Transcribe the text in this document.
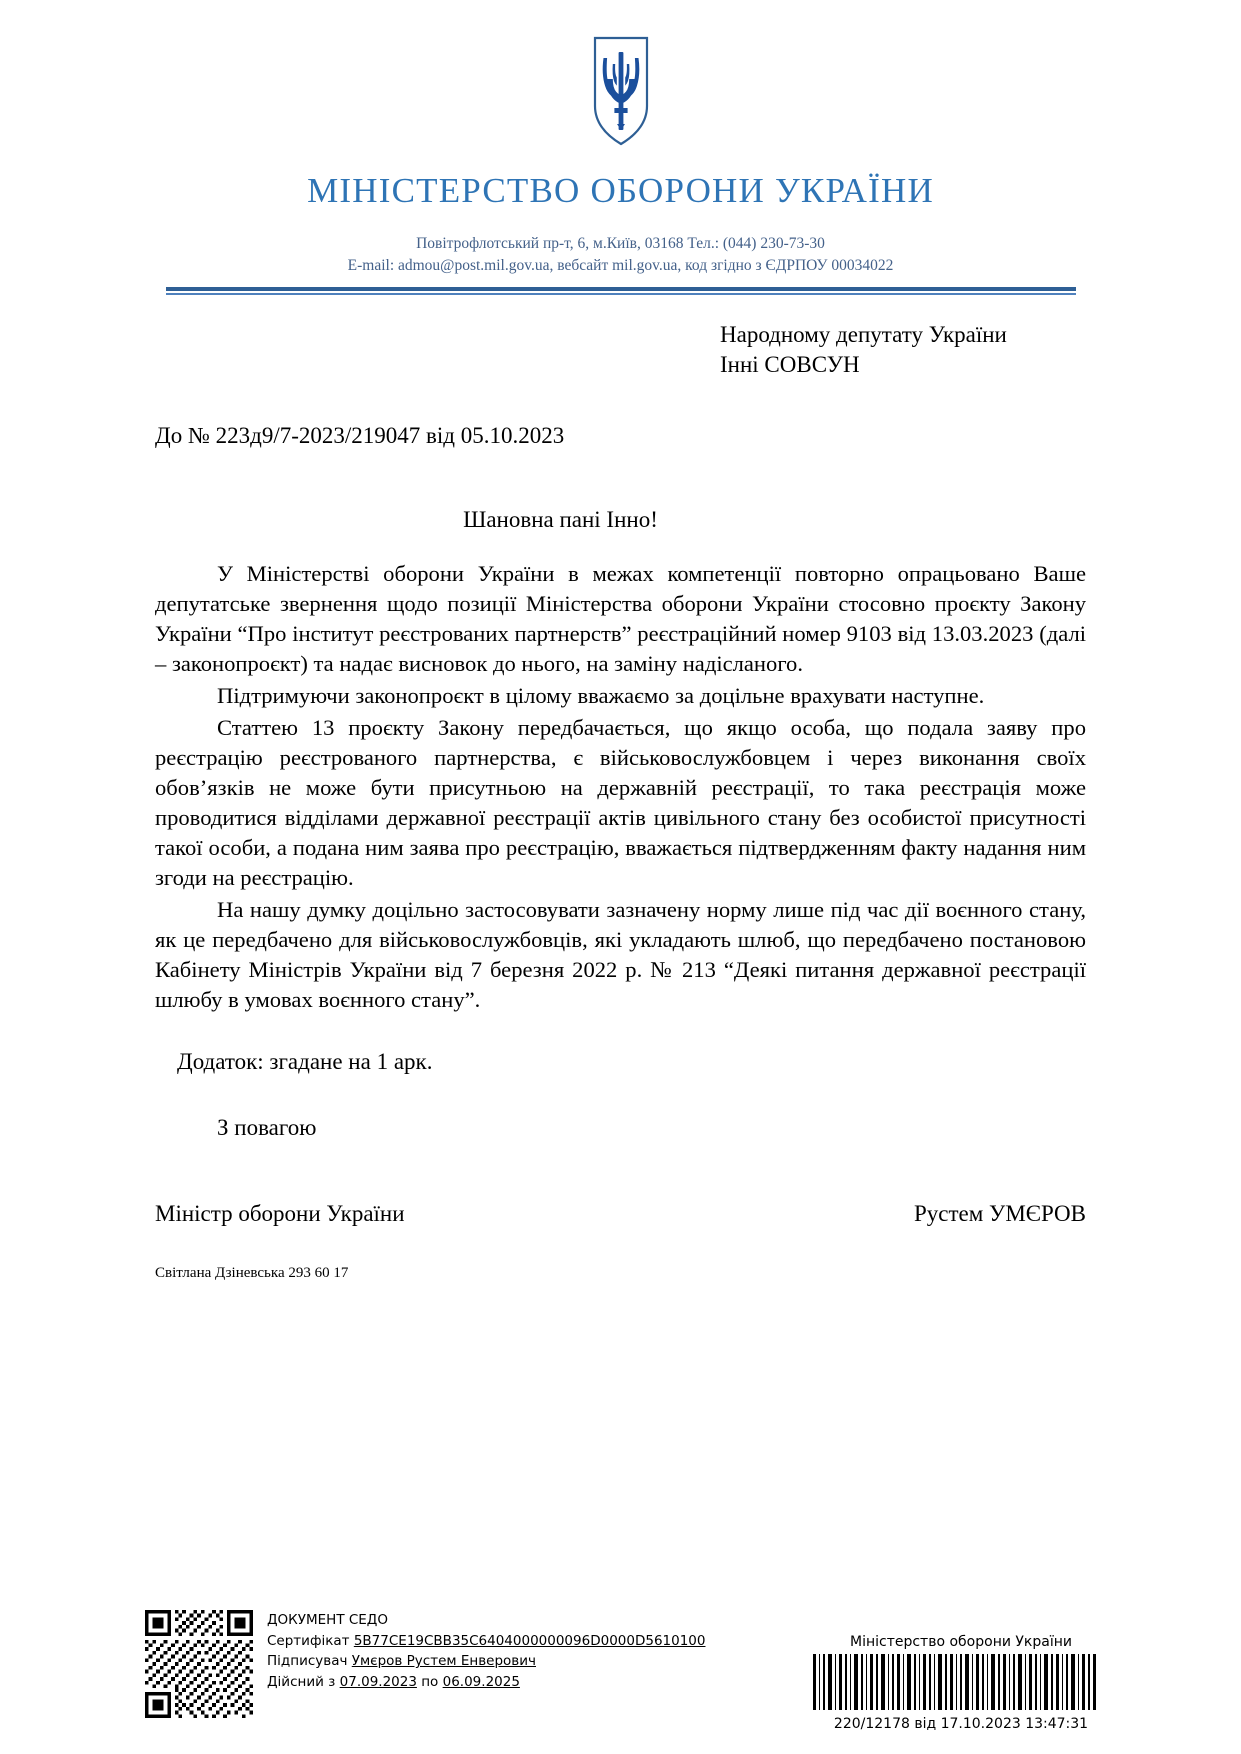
МІНІСТЕРСТВО ОБОРОНИ УКРАЇНИ
Повітрофлотський пр-т, 6, м.Київ, 03168 Тел.: (044) 230-73-30
E-mail: admou@post.mil.gov.ua, вебсайт mil.gov.ua, код згідно з ЄДРПОУ 00034022
Народному депутату України
Інні СОВСУН
До № 223д9/7-2023/219047 від 05.10.2023
Шановна пані Інно!
У Міністерстві оборони України в межах компетенції повторно опрацьовано Ваше депутатське звернення щодо позиції Міністерства оборони України стосовно проєкту Закону України “Про інститут реєстрованих партнерств” реєстраційний номер 9103 від 13.03.2023 (далі – законопроєкт) та надає висновок до нього, на заміну надісланого.
Підтримуючи законопроєкт в цілому вважаємо за доцільне врахувати наступне.
Статтею 13 проєкту Закону передбачається, що якщо особа, що подала заяву про реєстрацію реєстрованого партнерства, є військовослужбовцем і через виконання своїх обов’язків не може бути присутньою на державній реєстрації, то така реєстрація може проводитися відділами державної реєстрації актів цивільного стану без особистої присутності такої особи, а подана ним заява про реєстрацію, вважається підтвердженням факту надання ним згоди на реєстрацію.
На нашу думку доцільно застосовувати зазначену норму лише під час дії воєнного стану, як це передбачено для військовослужбовців, які укладають шлюб, що передбачено постановою Кабінету Міністрів України від 7 березня 2022 р. № 213 “Деякі питання державної реєстрації шлюбу в умовах воєнного стану”.
Додаток: згадане на 1 арк.
З повагою
Міністр оборони України	Рустем УМЄРОВ
Світлана Дзіневська 293 60 17
ДОКУМЕНТ СЕДО
Сертифікат 5B77CE19CBB35C6404000000096D0000D5610100
Підписувач Умєров Рустем Енверович
Дійсний з 07.09.2023 по 06.09.2025
Міністерство оборони України
220/12178 від 17.10.2023 13:47:31
